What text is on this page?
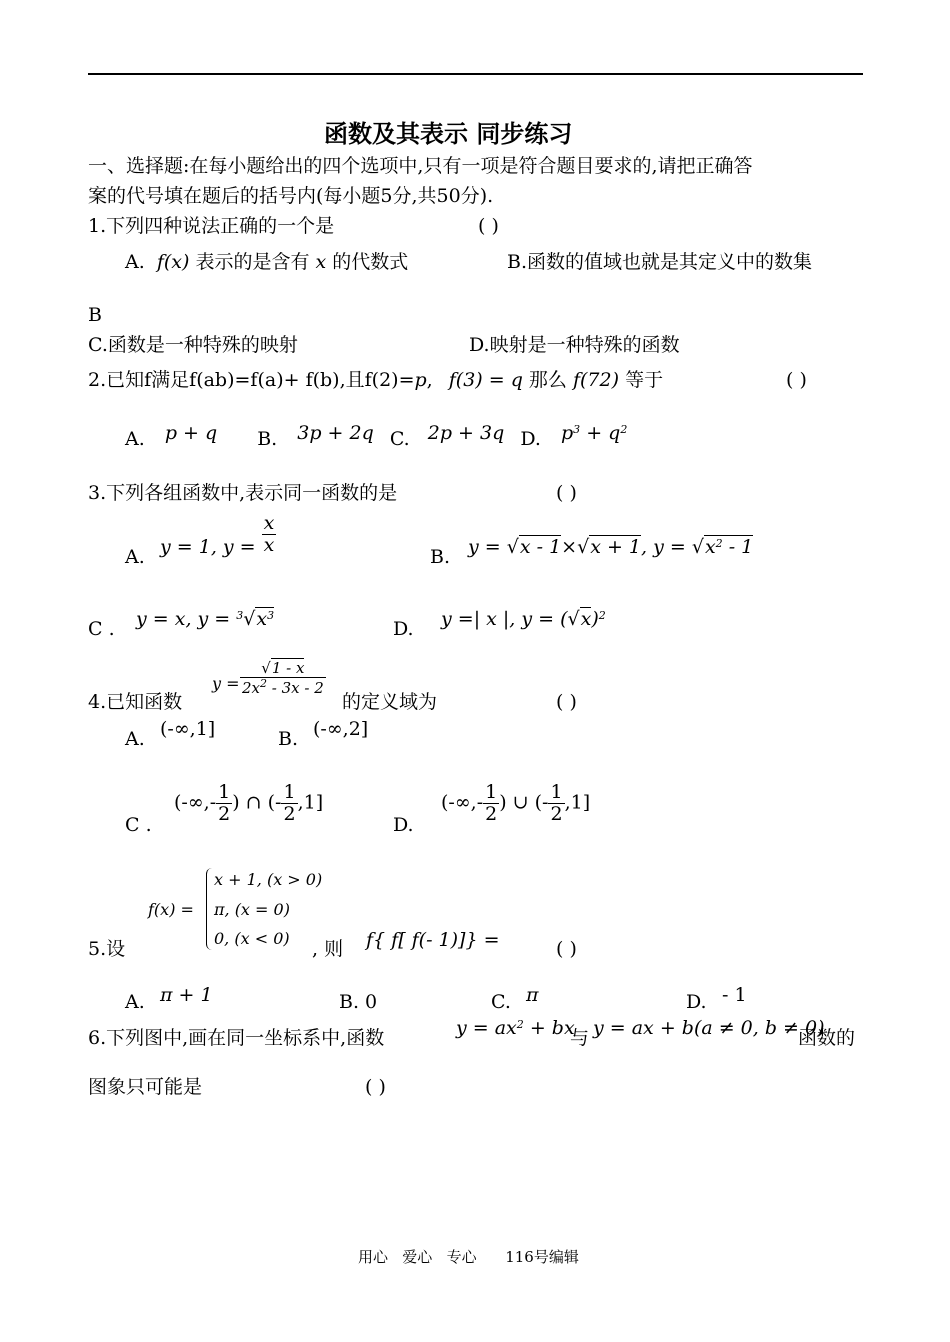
函数及其表示 同步练习
一、选择题:在每小题给出的四个选项中,只有一项是符合题目要求的,请把正确答
案的代号填在题后的括号内(每小题5分,共50分).
1.下列四种说法正确的一个是	( )
A. f(x) 表示的是含有 x 的代数式	B.函数的值域也就是其定义中的数集
B
C.函数是一种特殊的映射	D.映射是一种特殊的函数
2.已知f满足f(ab)=f(a)+ f(b),且f(2)=p, f(3) = q 那么 f(72) 等于	( )
A. p + q B. 3p + 2q C. 2p + 3q D. $p^3 + q^2$
3.下列各组函数中,表示同一函数的是	( )
A. y = 1, $y = \frac{x}{x}$
B. y = √x - 1×√x + 1, $y = √x^2 - 1$
C . y = x, $y = ^3√x^3$
D. y =| x |, $y = (√x)^2$
4.已知函数
$y = \frac{√1 - x}{2x^2 - 3x - 2}$
的定义域为	( )
A. (-∞,1]	B. (-∞,2]
C .
(-∞,- $\frac{1}{2}$ ) ∩ (- $\frac{1}{2} ,1$]
D.
(-∞,- $\frac{1}{2}$ ) ∪ (- $\frac{1}{2} ,1$]
f(x) =
x + 1, (x > 0)
π, (x = 0)
0, (x < 0)
5.设	, 则 f{ f[ f(- 1)]} =	( )
A. π + 1	B. 0	C. π	D. - 1
6.下列图中,画在同一坐标系中,函数	$y = ax^2$ + bx
与 y = ax + b(a ≠ 0, b ≠ 0)
函数的
图象只可能是	( )
用心   爱心   专心      116号编辑
